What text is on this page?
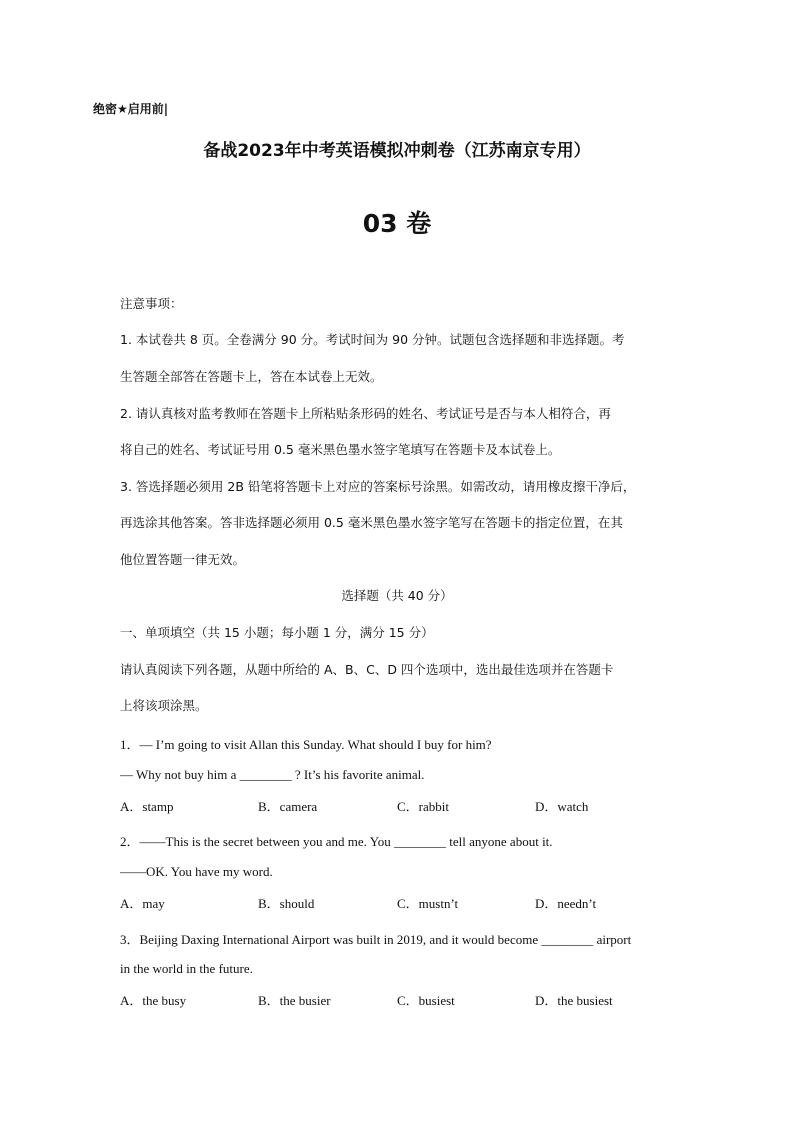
绝密★启用前|
备战2023年中考英语模拟冲刺卷（江苏南京专用）
03 卷
注意事项：
1. 本试卷共 8 页。全卷满分 90 分。考试时间为 90 分钟。试题包含选择题和非选择题。考
生答题全部答在答题卡上，答在本试卷上无效。
2. 请认真核对监考教师在答题卡上所粘贴条形码的姓名、考试证号是否与本人相符合，再
将自己的姓名、考试证号用 0.5 毫米黑色墨水签字笔填写在答题卡及本试卷上。
3. 答选择题必须用 2B 铅笔将答题卡上对应的答案标号涂黑。如需改动，请用橡皮擦干净后，
再选涂其他答案。答非选择题必须用 0.5 毫米黑色墨水签字笔写在答题卡的指定位置，在其
他位置答题一律无效。
选择题（共 40 分）
一、单项填空（共 15 小题；每小题 1 分，满分 15 分）
请认真阅读下列各题，从题中所给的 A、B、C、D 四个选项中，选出最佳选项并在答题卡
上将该项涂黑。
1．— I’m going to visit Allan this Sunday. What should I buy for him?
— Why not buy him a ________ ? It’s his favorite animal.
A．stamp	B．camera	C．rabbit	D．watch
2．——This is the secret between you and me. You ________ tell anyone about it.
——OK. You have my word.
A．may	B．should	C．mustn’t	D．needn’t
3．Beijing Daxing International Airport was built in 2019, and it would become ________ airport
in the world in the future.
A．the busy	B．the busier	C．busiest	D．the busiest
